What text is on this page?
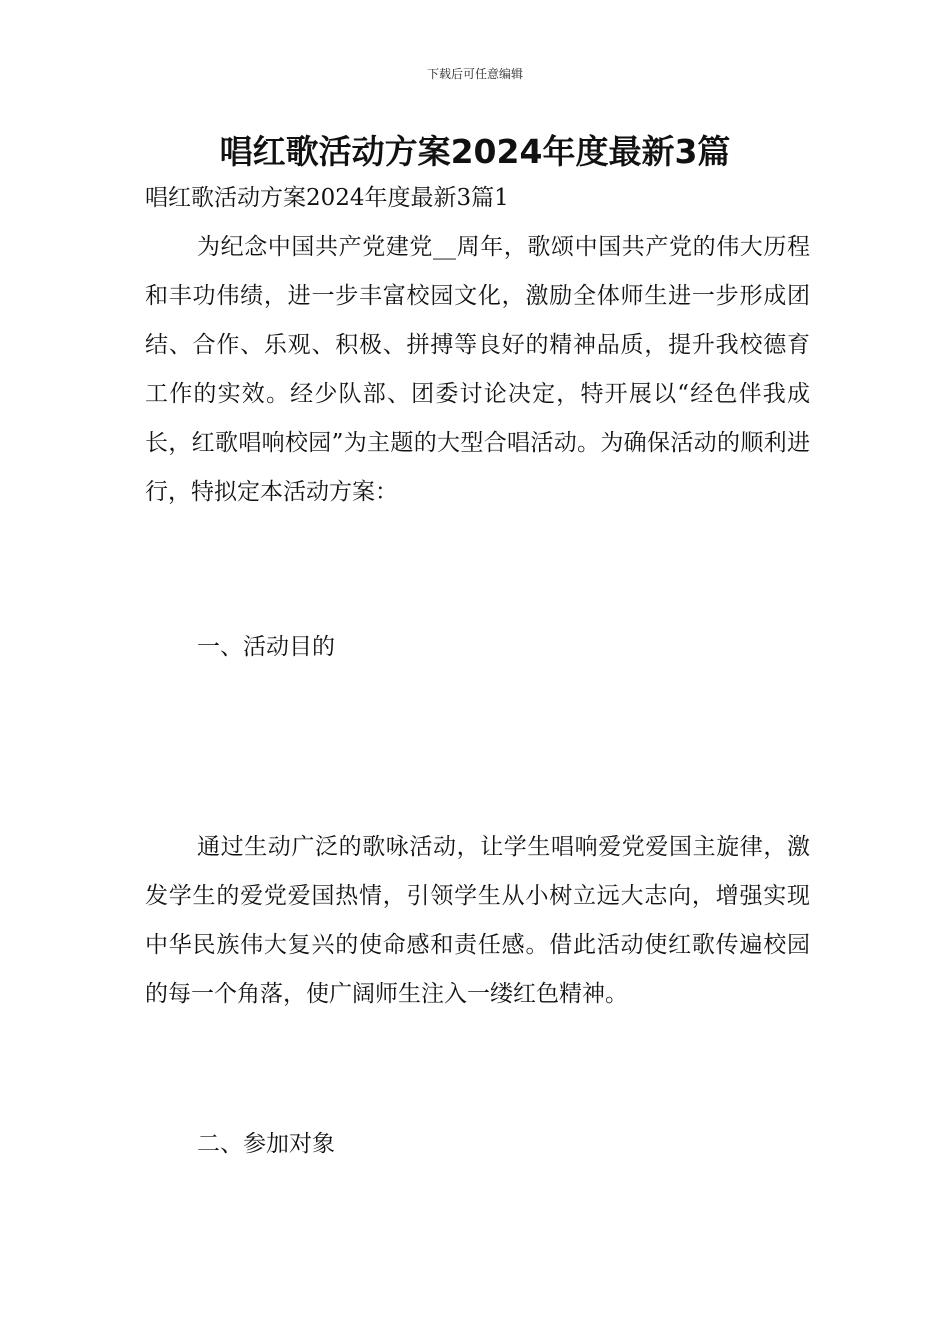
下载后可任意编辑
唱红歌活动方案2024年度最新3篇

唱红歌活动方案2024年度最新3篇1

为纪念中国共产党建党__周年，歌颂中国共产党的伟大历程和丰功伟绩，进一步丰富校园文化，激励全体师生进一步形成团结、合作、乐观、积极、拼搏等良好的精神品质，提升我校德育工作的实效。经少队部、团委讨论决定，特开展以“经色伴我成长，红歌唱响校园”为主题的大型合唱活动。为确保活动的顺利进行，特拟定本活动方案：

一、活动目的

通过生动广泛的歌咏活动，让学生唱响爱党爱国主旋律，激发学生的爱党爱国热情，引领学生从小树立远大志向，增强实现中华民族伟大复兴的使命感和责任感。借此活动使红歌传遍校园的每一个角落，使广阔师生注入一缕红色精神。

二、参加对象
